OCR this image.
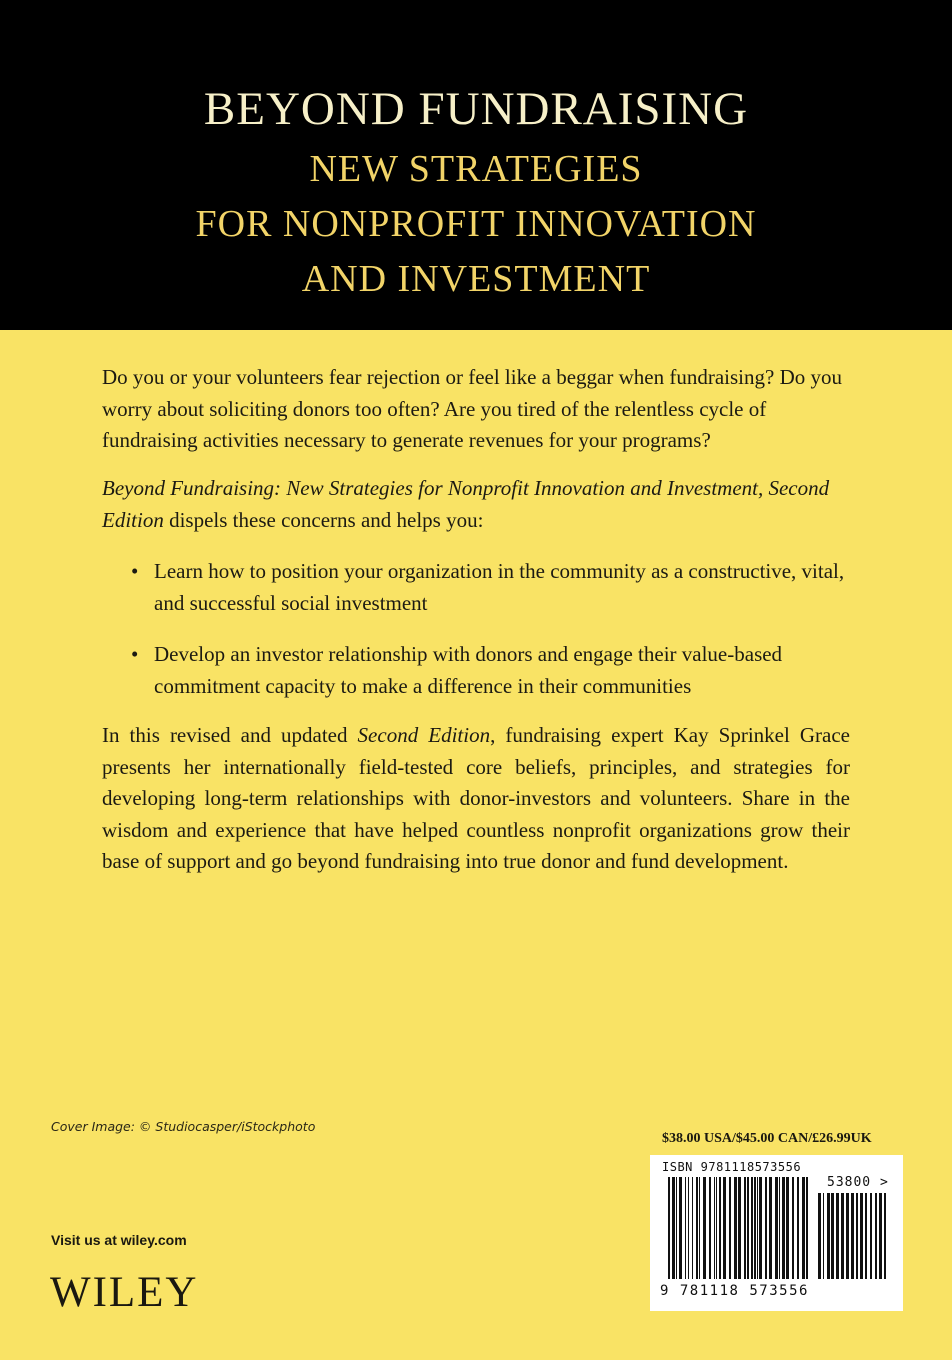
BEYOND FUNDRAISING
NEW STRATEGIES
FOR NONPROFIT INNOVATION
AND INVESTMENT

Do you or your volunteers fear rejection or feel like a beggar when fundraising? Do you worry about soliciting donors too often? Are you tired of the relentless cycle of fundraising activities necessary to generate revenues for your programs?

Beyond Fundraising: New Strategies for Nonprofit Innovation and Investment, Second Edition dispels these concerns and helps you:

• Learn how to position your organization in the community as a constructive, vital, and successful social investment
• Develop an investor relationship with donors and engage their value-based commitment capacity to make a difference in their communities

In this revised and updated Second Edition, fundraising expert Kay Sprinkel Grace presents her internationally field-tested core beliefs, principles, and strategies for developing long-term relationships with donor-investors and volunteers. Share in the wisdom and experience that have helped countless nonprofit organizations grow their base of support and go beyond fundraising into true donor and fund development.

Cover Image: © Studiocasper/iStockphoto
Visit us at wiley.com
WILEY
$38.00 USA/$45.00 CAN/£26.99UK
ISBN 9781118573556
53800 >
9 781118 573556
